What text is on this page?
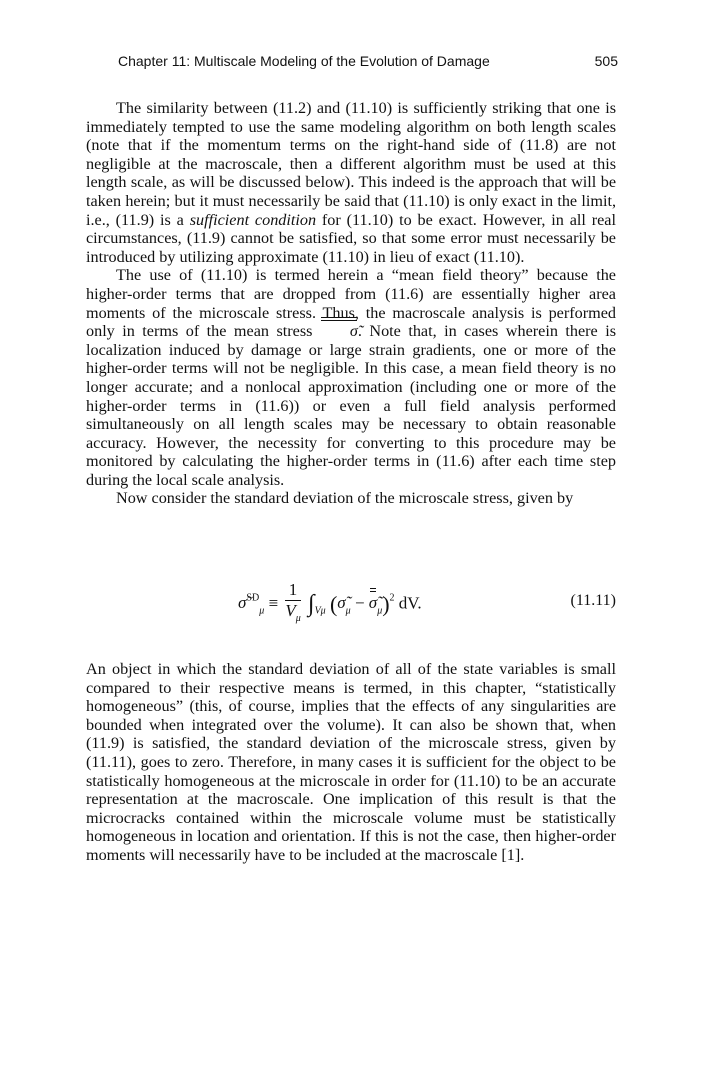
Chapter 11: Multiscale Modeling of the Evolution of Damage	505

The similarity between (11.2) and (11.10) is sufficiently striking that one is immediately tempted to use the same modeling algorithm on both length scales (note that if the momentum terms on the right-hand side of (11.8) are not negligible at the macroscale, then a different algorithm must be used at this length scale, as will be discussed below). This indeed is the approach that will be taken herein; but it must necessarily be said that (11.10) is only exact in the limit, i.e., (11.9) is a sufficient condition for (11.10) to be exact. However, in all real circumstances, (11.9) cannot be satisfied, so that some error must necessarily be introduced by utilizing approximate (11.10) in lieu of exact (11.10).

The use of (11.10) is termed herein a “mean field theory” because the higher-order terms that are dropped from (11.6) are essentially higher area moments of the microscale stress. Thus, the macroscale analysis is performed only in terms of the mean stress
σ̃. Note that, in cases wherein there is localization induced by damage or large strain gradients, one or more of the higher-order terms will not be negligible. In this case, a mean field theory is no longer accurate; and a nonlocal approximation (including one or more of the higher-order terms in (11.6)) or even a full field analysis performed simultaneously on all length scales may be necessary to obtain reasonable accuracy. However, the necessity for converting to this procedure may be monitored by calculating the higher-order terms in (11.6) after each time step during the local scale analysis.

Now consider the standard deviation of the microscale stress, given by

σ̃$^{SD}_\mu$ ≡ $\frac{1}{V_\mu} \int_{V\mu}$ ($\sigmã_\mu$ − $\sigmã_\mu)^2$ dV.	(11.11)

An object in which the standard deviation of all of the state variables is small compared to their respective means is termed, in this chapter, “statistically homogeneous” (this, of course, implies that the effects of any singularities are bounded when integrated over the volume). It can also be shown that, when (11.9) is satisfied, the standard deviation of the microscale stress, given by (11.11), goes to zero. Therefore, in many cases it is sufficient for the object to be statistically homogeneous at the microscale in order for (11.10) to be an accurate representation at the macroscale. One implication of this result is that the microcracks contained within the microscale volume must be statistically homogeneous in location and orientation. If this is not the case, then higher-order moments will necessarily have to be included at the macroscale [1].
